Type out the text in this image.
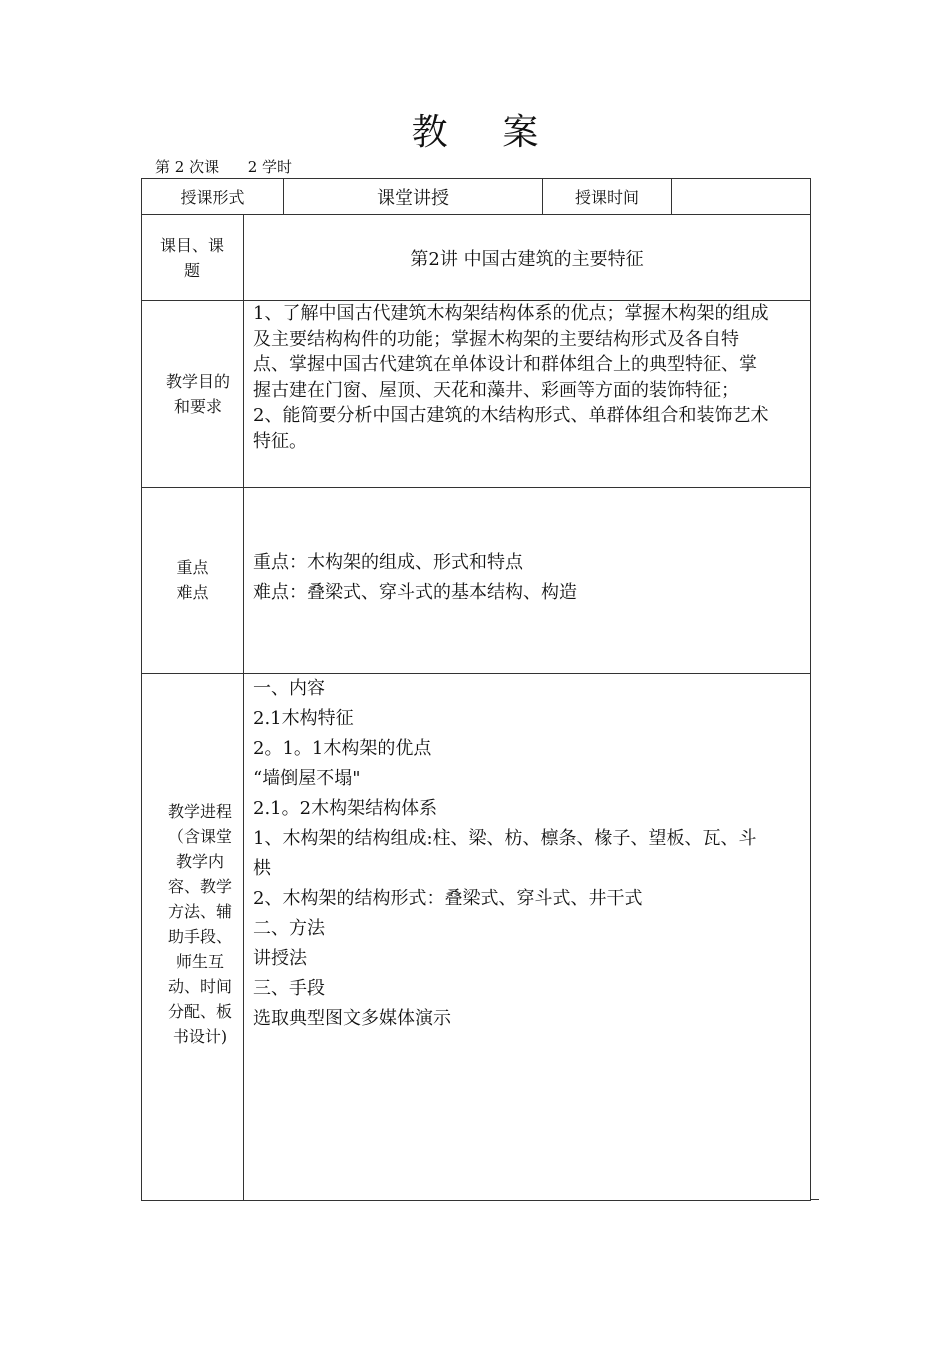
教 案
第 2 次课      2 学时
授课形式	课堂讲授	授课时间
课目、课题
第2讲 中国古建筑的主要特征
教学目的和要求
1、了解中国古代建筑木构架结构体系的优点；掌握木构架的组成
及主要结构构件的功能；掌握木构架的主要结构形式及各自特
点、掌握中国古代建筑在单体设计和群体组合上的典型特征、掌
握古建在门窗、屋顶、天花和藻井、彩画等方面的装饰特征；
2、能简要分析中国古建筑的木结构形式、单群体组合和装饰艺术
特征。
重点
难点
重点：木构架的组成、形式和特点
难点：叠梁式、穿斗式的基本结构、构造
教学进程
（含课堂
教学内
容、教学
方法、辅
助手段、
师生互
动、时间
分配、板
书设计)
一、内容
2.1木构特征
2。1。1木构架的优点
“墙倒屋不塌"
2.1。2木构架结构体系
1、木构架的结构组成:柱、梁、枋、檩条、椽子、望板、瓦、斗
栱
2、木构架的结构形式：叠梁式、穿斗式、井干式
二、方法
讲授法
三、手段
选取典型图文多媒体演示
